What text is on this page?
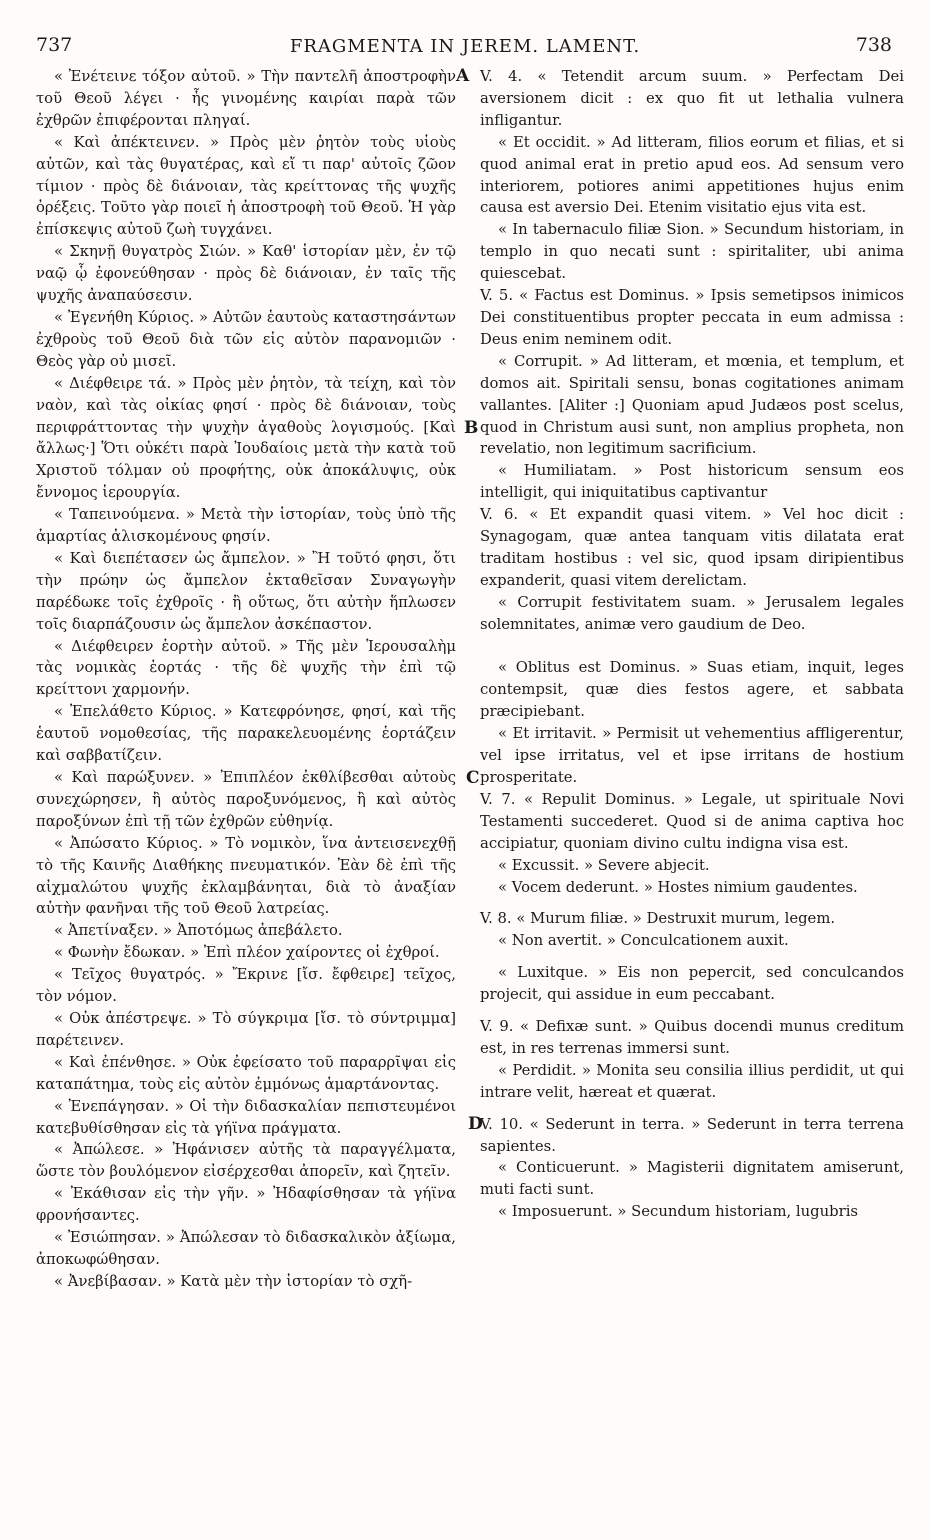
737	FRAGMENTA IN JEREM. LAMENT.	738
A
B
C
D

« Ἐνέτεινε τόξον αὐτοῦ. » Τὴν παντελῆ ἀποστροφὴν τοῦ Θεοῦ λέγει · ἧς γινομένης καιρίαι παρὰ τῶν ἐχθρῶν ἐπιφέρονται πληγαί.

« Καὶ ἀπέκτεινεν. » Πρὸς μὲν ῥητὸν τοὺς υἱοὺς αὐτῶν, καὶ τὰς θυγατέρας, καὶ εἴ τι παρ' αὐτοῖς ζῶον τίμιον · πρὸς δὲ διάνοιαν, τὰς κρείττονας τῆς ψυχῆς ὀρέξεις. Τοῦτο γὰρ ποιεῖ ἡ ἀποστροφὴ τοῦ Θεοῦ. Ἡ γὰρ ἐπίσκεψις αὐτοῦ ζωὴ τυγχάνει.

« Σκηνῇ θυγατρὸς Σιών. » Καθ' ἱστορίαν μὲν, ἐν τῷ ναῷ ᾧ ἐφονεύθησαν · πρὸς δὲ διάνοιαν, ἐν ταῖς τῆς ψυχῆς ἀναπαύσεσιν.

« Ἐγενήθη Κύριος. » Αὐτῶν ἑαυτοὺς καταστησάντων ἐχθροὺς τοῦ Θεοῦ διὰ τῶν εἰς αὐτὸν παρανομιῶν · Θεὸς γὰρ οὐ μισεῖ.

« Διέφθειρε τά. » Πρὸς μὲν ῥητὸν, τὰ τείχη, καὶ τὸν ναὸν, καὶ τὰς οἰκίας φησί · πρὸς δὲ διάνοιαν, τοὺς περιφράττοντας τὴν ψυχὴν ἀγαθοὺς λογισμούς. [Καὶ ἄλλως·] Ὅτι οὐκέτι παρὰ Ἰουδαίοις μετὰ τὴν κατὰ τοῦ Χριστοῦ τόλμαν οὐ προφήτης, οὐκ ἀποκάλυψις, οὐκ ἔννομος ἱερουργία.

« Ταπεινούμενα. » Μετὰ τὴν ἱστορίαν, τοὺς ὑπὸ τῆς ἁμαρτίας ἁλισκομένους φησίν.

« Καὶ διεπέτασεν ὡς ἄμπελον. » Ἢ τοῦτό φησι, ὅτι τὴν πρώην ὡς ἄμπελον ἐκταθεῖσαν Συναγωγὴν παρέδωκε τοῖς ἐχθροῖς · ἢ οὕτως, ὅτι αὐτὴν ἥπλωσεν τοῖς διαρπάζουσιν ὡς ἄμπελον ἀσκέπαστον.

« Διέφθειρεν ἑορτὴν αὐτοῦ. » Τῆς μὲν Ἱερουσαλὴμ τὰς νομικὰς ἑορτάς · τῆς δὲ ψυχῆς τὴν ἐπὶ τῷ κρείττονι χαρμονήν.

« Ἐπελάθετο Κύριος. » Κατεφρόνησε, φησί, καὶ τῆς ἑαυτοῦ νομοθεσίας, τῆς παρακελευομένης ἑορτάζειν καὶ σαββατίζειν.

« Καὶ παρώξυνεν. » Ἐπιπλέον ἐκθλίβεσθαι αὐτοὺς συνεχώρησεν, ἢ αὐτὸς παροξυνόμενος, ἢ καὶ αὐτὸς παροξύνων ἐπὶ τῇ τῶν ἐχθρῶν εὐθηνίᾳ.

« Ἀπώσατο Κύριος. » Τὸ νομικὸν, ἵνα ἀντεισενεχθῇ τὸ τῆς Καινῆς Διαθήκης πνευματικόν. Ἐὰν δὲ ἐπὶ τῆς αἰχμαλώτου ψυχῆς ἐκλαμβάνηται, διὰ τὸ ἀναξίαν αὐτὴν φανῆναι τῆς τοῦ Θεοῦ λατρείας.

« Ἀπετίναξεν. » Ἀποτόμως ἀπεβάλετο.

« Φωνὴν ἔδωκαν. » Ἐπὶ πλέον χαίροντες οἱ ἐχθροί.

« Τεῖχος θυγατρός. » Ἔκρινε [ἴσ. ἔφθειρε] τεῖχος, τὸν νόμον.

« Οὐκ ἀπέστρεψε. » Τὸ σύγκριμα [ἴσ. τὸ σύντριμμα] παρέτεινεν.

« Καὶ ἐπένθησε. » Οὐκ ἐφείσατο τοῦ παραρρῖψαι εἰς καταπάτημα, τοὺς εἰς αὐτὸν ἐμμόνως ἁμαρτάνοντας.

« Ἐνεπάγησαν. » Οἱ τὴν διδασκαλίαν πεπιστευμένοι κατεβυθίσθησαν εἰς τὰ γήϊνα πράγματα.

« Ἀπώλεσε. » Ἠφάνισεν αὐτῆς τὰ παραγγέλματα, ὥστε τὸν βουλόμενον εἰσέρχεσθαι ἀπορεῖν, καὶ ζητεῖν.

« Ἐκάθισαν εἰς τὴν γῆν. » Ἠδαφίσθησαν τὰ γήϊνα φρονήσαντες.

« Ἐσιώπησαν. » Ἀπώλεσαν τὸ διδασκαλικὸν ἀξίωμα, ἀποκωφώθησαν.

« Ἀνεβίβασαν. » Κατὰ μὲν τὴν ἱστορίαν τὸ σχῆ-

V. 4. « Tetendit arcum suum. » Perfectam Dei aversionem dicit : ex quo fit ut lethalia vulnera infligantur.

« Et occidit. » Ad litteram, filios eorum et filias, et si quod animal erat in pretio apud eos. Ad sensum vero interiorem, potiores animi appetitiones hujus enim causa est aversio Dei. Etenim visitatio ejus vita est.

« In tabernaculo filiæ Sion. » Secundum historiam, in templo in quo necati sunt : spiritaliter, ubi anima quiescebat.

V. 5. « Factus est Dominus. » Ipsis semetipsos inimicos Dei constituentibus propter peccata in eum admissa : Deus enim neminem odit.

« Corrupit. » Ad litteram, et mœnia, et templum, et domos ait. Spiritali sensu, bonas cogitationes animam vallantes. [Aliter :] Quoniam apud Judæos post scelus, quod in Christum ausi sunt, non amplius propheta, non revelatio, non legitimum sacrificium.

« Humiliatam. » Post historicum sensum eos intelligit, qui iniquitatibus captivantur

V. 6. « Et expandit quasi vitem. » Vel hoc dicit : Synagogam, quæ antea tanquam vitis dilatata erat traditam hostibus : vel sic, quod ipsam diripientibus expanderit, quasi vitem derelictam.

« Corrupit festivitatem suam. » Jerusalem legales solemnitates, animæ vero gaudium de Deo.

« Oblitus est Dominus. » Suas etiam, inquit, leges contempsit, quæ dies festos agere, et sabbata præcipiebant.

« Et irritavit. » Permisit ut vehementius affligerentur, vel ipse irritatus, vel et ipse irritans de hostium prosperitate.

V. 7. « Repulit Dominus. » Legale, ut spirituale Novi Testamenti succederet. Quod si de anima captiva hoc accipiatur, quoniam divino cultu indigna visa est.

« Excussit. » Severe abjecit.

« Vocem dederunt. » Hostes nimium gaudentes.

V. 8. « Murum filiæ. » Destruxit murum, legem.

« Non avertit. » Conculcationem auxit.

« Luxitque. » Eis non pepercit, sed conculcandos projecit, qui assidue in eum peccabant.

V. 9. « Defixæ sunt. » Quibus docendi munus creditum est, in res terrenas immersi sunt.

« Perdidit. » Monita seu consilia illius perdidit, ut qui intrare velit, hæreat et quærat.

V. 10. « Sederunt in terra. » Sederunt in terra terrena sapientes.

« Conticuerunt. » Magisterii dignitatem amiserunt, muti facti sunt.

« Imposuerunt. » Secundum historiam, lugubris
